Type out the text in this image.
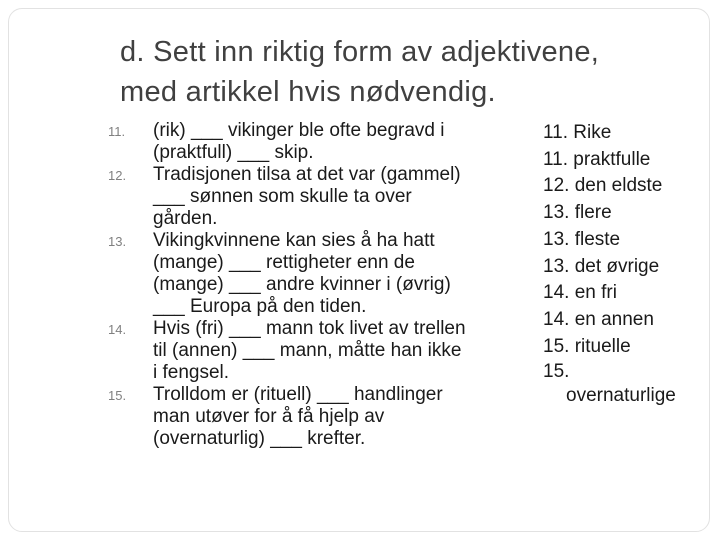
d. Sett inn riktig form av adjektivene,
med artikkel hvis nødvendig.
11. (rik) ___ vikinger ble ofte begravd i
(praktfull) ___ skip.
12. Tradisjonen tilsa at det var (gammel)
___ sønnen som skulle ta over
gården.
13. Vikingkvinnene kan sies å ha hatt
(mange) ___ rettigheter enn de
(mange) ___ andre kvinner i (øvrig)
___ Europa på den tiden.
14. Hvis (fri) ___ mann tok livet av trellen
til (annen) ___ mann, måtte han ikke
i fengsel.
15. Trolldom er (rituell) ___ handlinger
man utøver for å få hjelp av
(overnaturlig) ___ krefter.
11. Rike
11. praktfulle
12. den eldste
13. flere
13. fleste
13. det øvrige
14. en fri
14. en annen
15. rituelle
15.
overnaturlige
